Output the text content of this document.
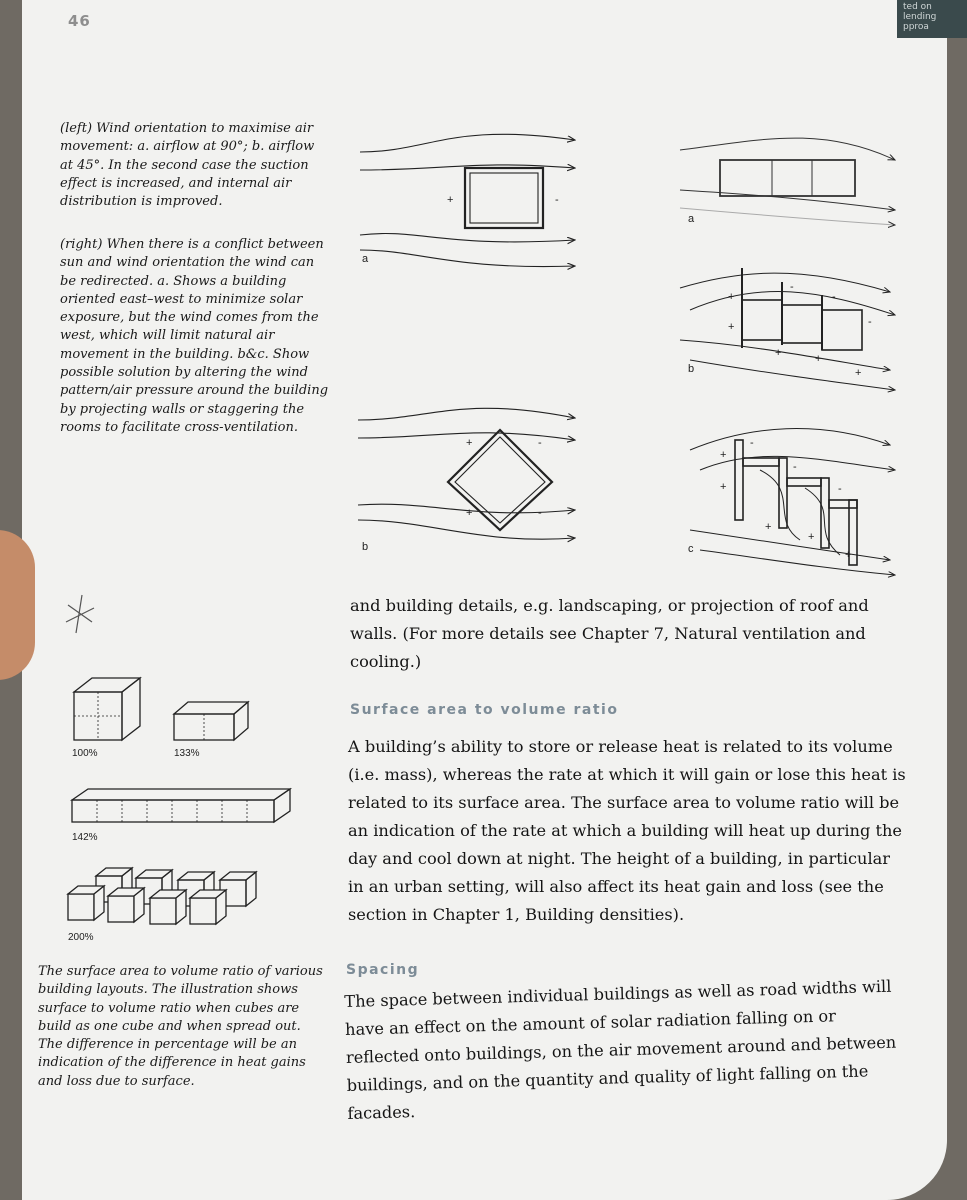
ted on lending pproa
46
(left) Wind orientation to maximise air movement: a. airflow at 90°; b. airflow at 45°. In the second case the suction effect is increased, and internal air distribution is improved.
(right) When there is a conflict between sun and wind orientation the wind can be redirected. a. Shows a building oriented east–west to minimize solar exposure, but the wind comes from the west, which will limit natural air movement in the building. b&c. Show possible solution by altering the wind pattern/air pressure around the building by projecting walls or staggering the rooms to facilitate cross-ventilation.
The surface area to volume ratio of various building layouts. The illustration shows surface to volume ratio when cubes are build as one cube and when spread out. The difference in percentage will be an indication of the difference in heat gains and loss due to surface.
+	-
a
+	-
+	-
b
a
+
+
+	+
+
-
-
-
b
+
+
+
+
+
-
-
-
c
100%	133%
142%
200%
and building details, e.g. landscaping, or projection of roof and walls. (For more details see Chapter 7, Natural ventilation and cooling.)
Surface area to volume ratio
A building’s ability to store or release heat is related to its volume (i.e. mass), whereas the rate at which it will gain or lose this heat is related to its surface area. The surface area to volume ratio will be an indication of the rate at which a building will heat up during the day and cool down at night. The height of a building, in particular in an urban setting, will also affect its heat gain and loss (see the section in Chapter 1, Building densities).
Spacing
The space between individual buildings as well as road widths will have an effect on the amount of solar radiation falling on or reflected onto buildings, on the air movement around and between buildings, and on the quantity and quality of light falling on the facades.
